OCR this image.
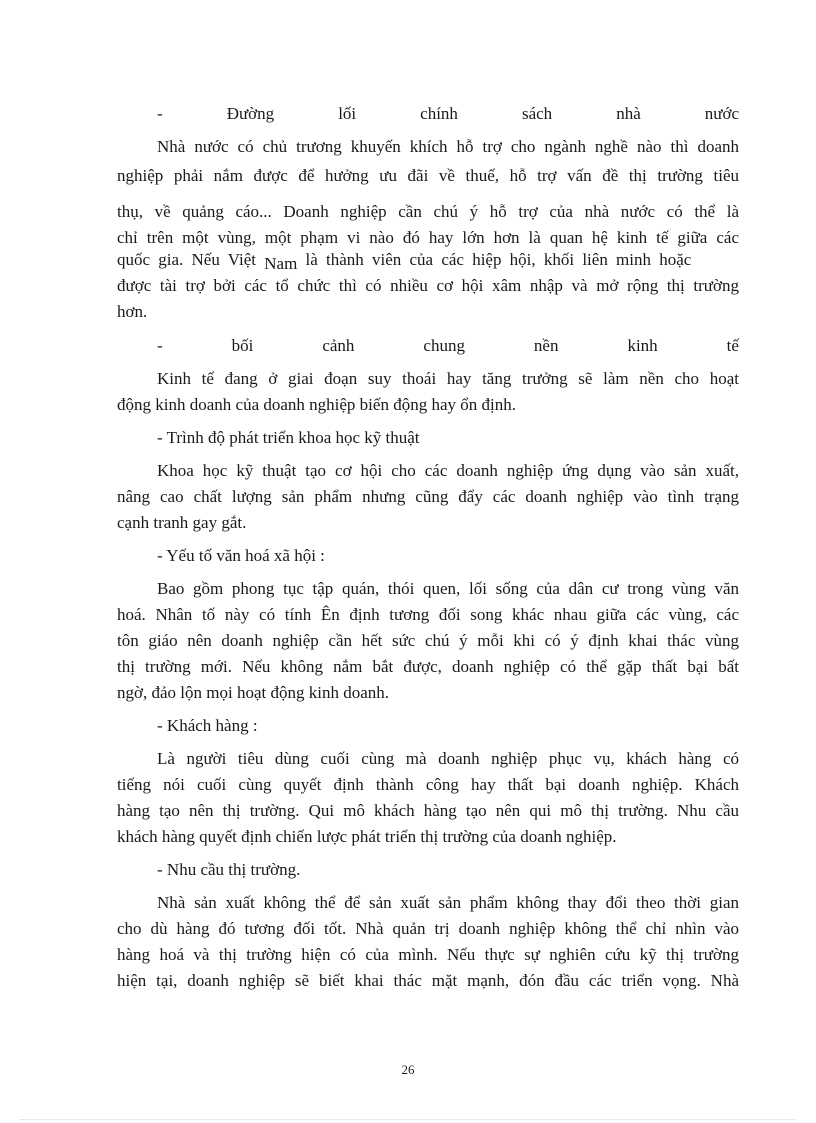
-	Đường	lối	chính	sách	nhà	nước
Nhà nước có chủ trương khuyến khích hỗ trợ cho ngành nghề nào thì doanh
nghiệp phải nắm được để hưởng ưu đãi về thuế, hỗ trợ vấn đề thị trường tiêu
thụ, về quảng cáo... Doanh nghiệp cần chú ý hỗ trợ của nhà nước có thể là
chỉ trên một vùng, một phạm vi nào đó hay lớn hơn là quan hệ kinh tế giữa các
quốc gia. Nếu Việt Nam là thành viên của các hiệp hội, khối liên minh hoặc
được tài trợ bởi các tổ chức thì có nhiều cơ hội xâm nhập và mở rộng thị trường
hơn.
-	bối	cảnh	chung	nền	kinh	tế
Kinh tế đang ở giai đoạn suy thoái hay tăng trưởng sẽ làm nền cho hoạt
động kinh doanh của doanh nghiệp biến động hay ổn định.
- Trình độ phát triển khoa học kỹ thuật
Khoa học kỹ thuật tạo cơ hội cho các doanh nghiệp ứng dụng vào sản xuất,
nâng cao chất lượng sản phẩm nhưng cũng đẩy các doanh nghiệp vào tình trạng
cạnh tranh gay gắt.
- Yếu tố văn hoá xã hội :
Bao gồm phong tục tập quán, thói quen, lối sống của dân cư trong vùng văn
hoá. Nhân tố này có tính Ên định tương đối song khác nhau giữa các vùng, các
tôn giáo nên doanh nghiệp cần hết sức chú ý mỗi khi có ý định khai thác vùng
thị trường mới. Nếu không nắm bắt được, doanh nghiệp có thể gặp thất bại bất
ngờ, đảo lộn mọi hoạt động kinh doanh.
- Khách hàng :
Là người tiêu dùng cuối cùng mà doanh nghiệp phục vụ, khách hàng có
tiếng nói cuối cùng quyết định thành công hay thất bại doanh nghiệp. Khách
hàng tạo nên thị trường. Qui mô khách hàng tạo nên qui mô thị trường. Nhu cầu
khách hàng quyết định chiến lược phát triển thị trường của doanh nghiệp.
- Nhu cầu thị trường.
Nhà sản xuất không thể để sản xuất sản phẩm không thay đổi theo thời gian
cho dù hàng đó tương đối tốt. Nhà quản trị doanh nghiệp không thể chỉ nhìn vào
hàng hoá và thị trường hiện có của mình. Nếu thực sự nghiên cứu kỹ thị trường
hiện tại, doanh nghiệp sẽ biết khai thác mặt mạnh, đón đầu các triển vọng. Nhà
26
